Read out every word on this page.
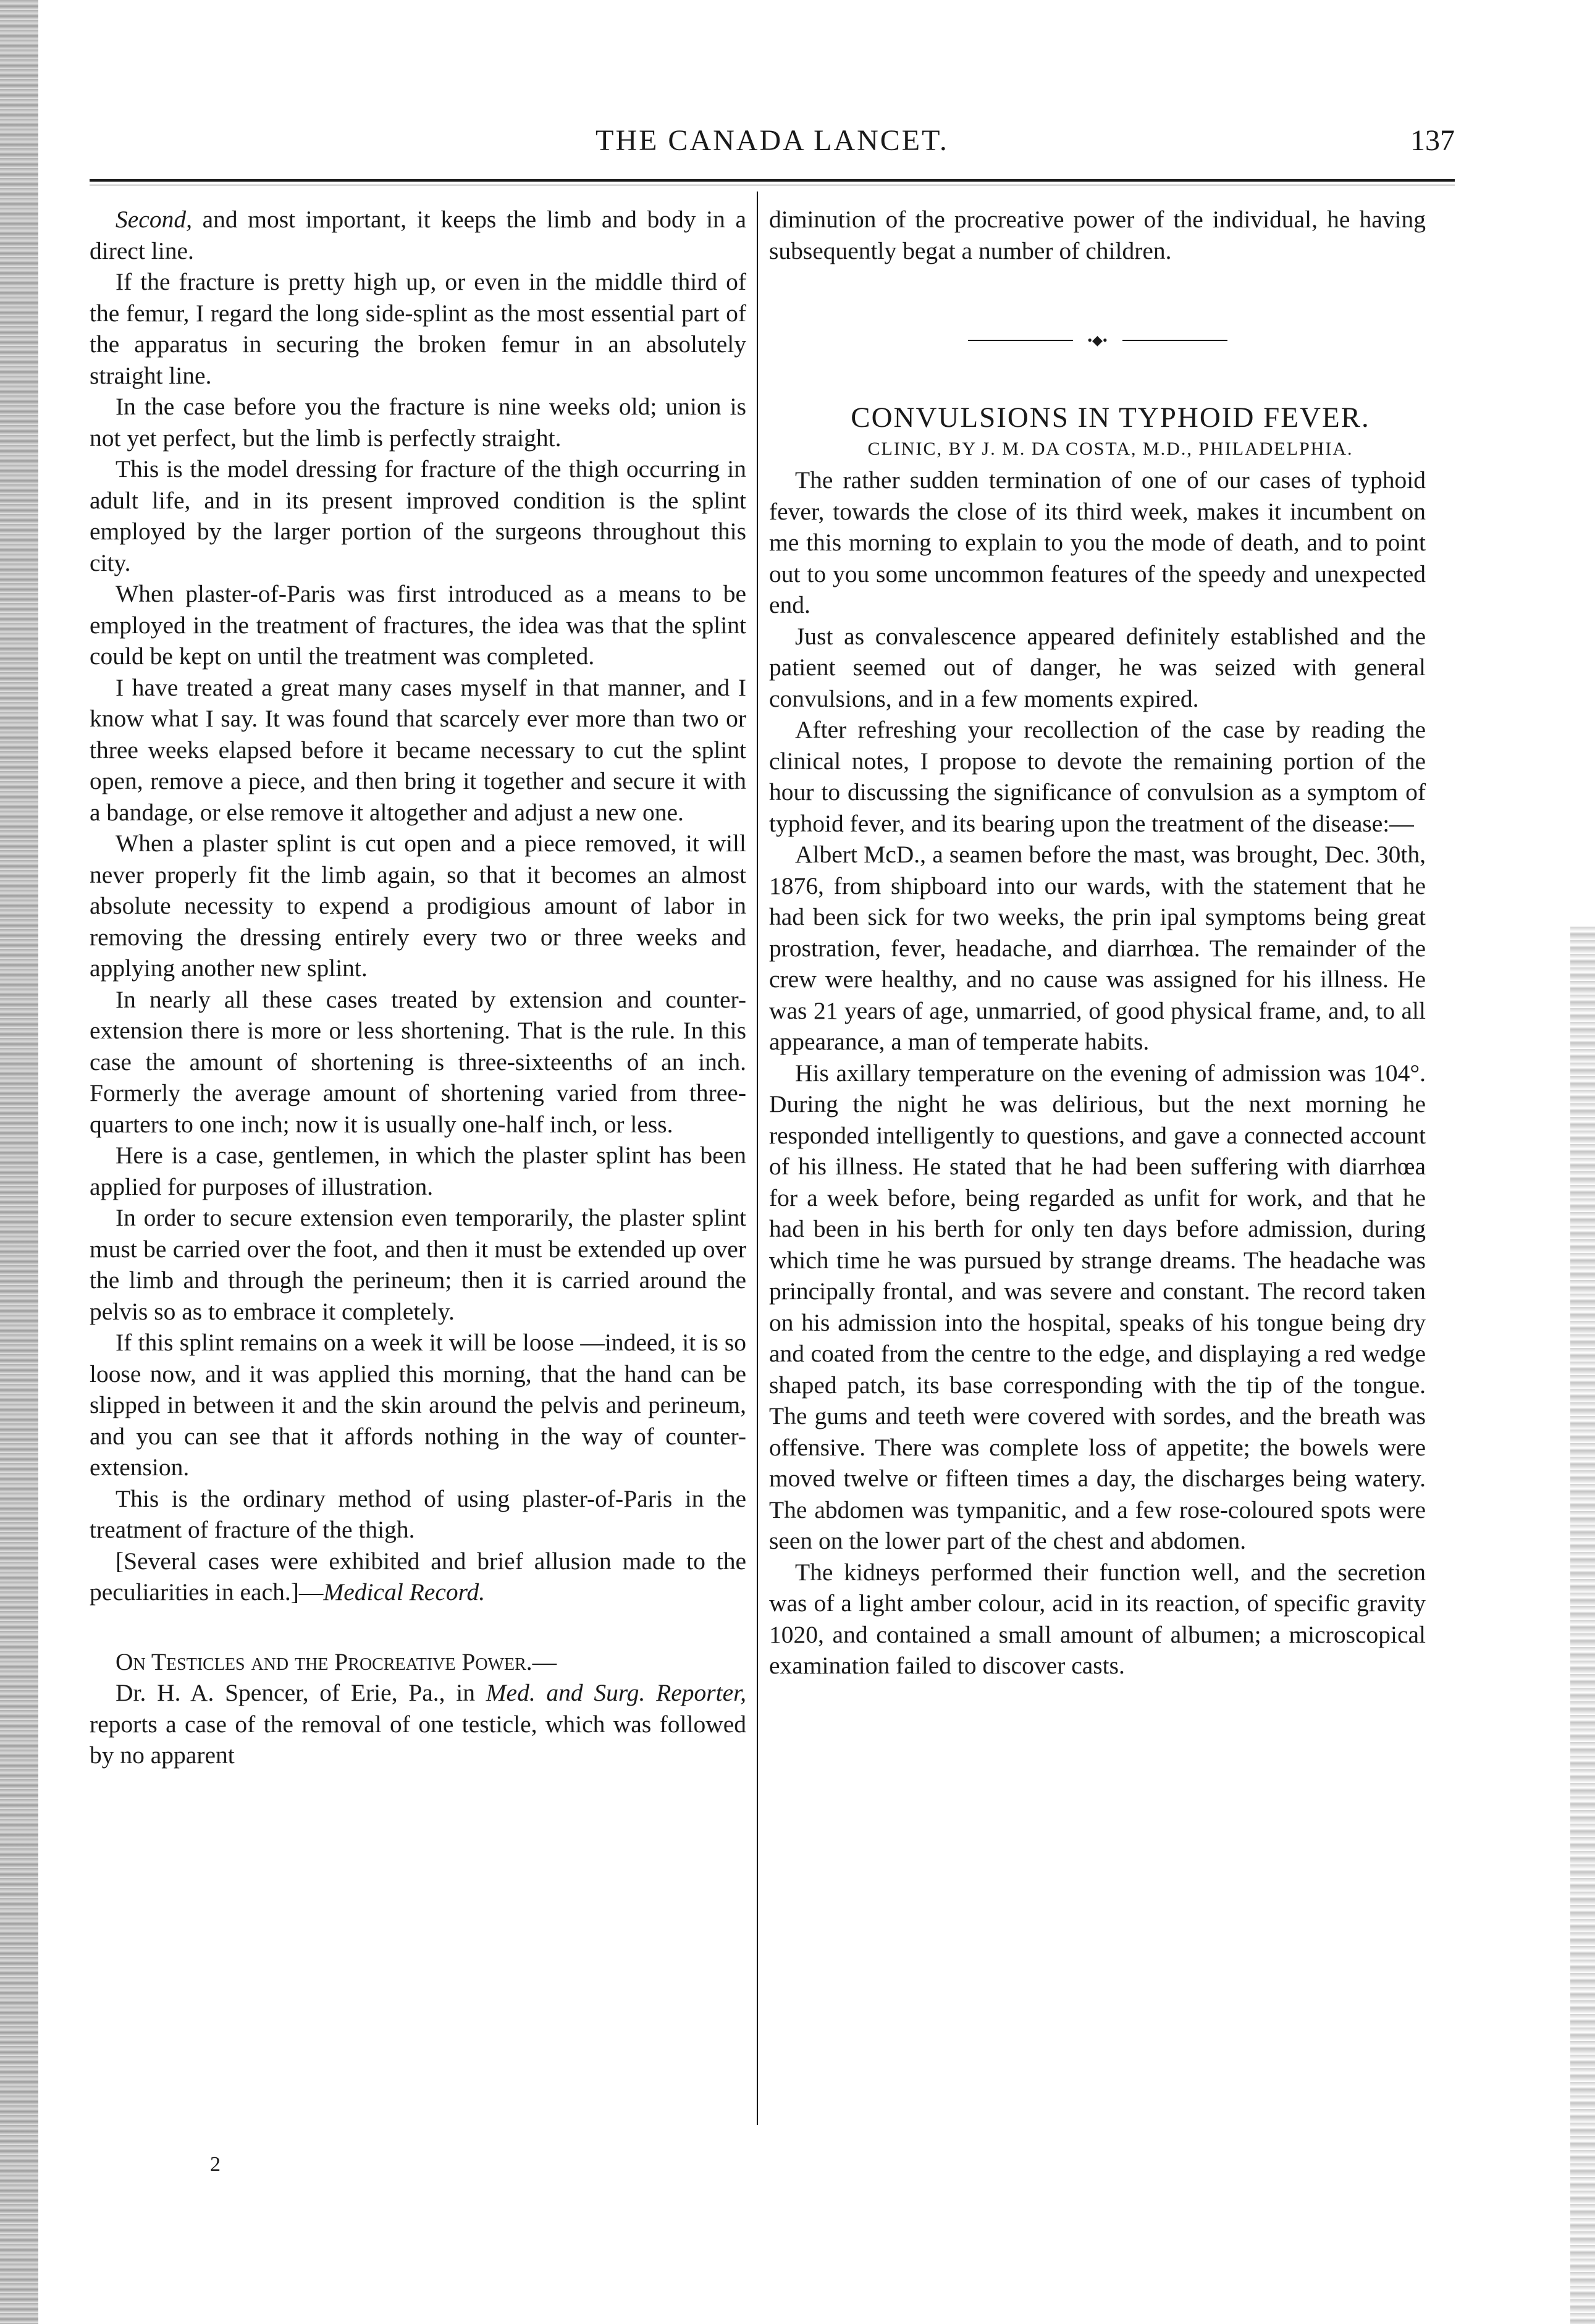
THE CANADA LANCET.	137

Second, and most important, it keeps the limb and body in a direct line.

If the fracture is pretty high up, or even in the middle third of the femur, I regard the long side-splint as the most essential part of the apparatus in securing the broken femur in an absolutely straight line.

In the case before you the fracture is nine weeks old; union is not yet perfect, but the limb is perfectly straight.

This is the model dressing for fracture of the thigh occurring in adult life, and in its present improved condition is the splint employed by the larger portion of the surgeons throughout this city.

When plaster-of-Paris was first introduced as a means to be employed in the treatment of fractures, the idea was that the splint could be kept on until the treatment was completed.

I have treated a great many cases myself in that manner, and I know what I say. It was found that scarcely ever more than two or three weeks elapsed before it became necessary to cut the splint open, remove a piece, and then bring it together and secure it with a bandage, or else remove it altogether and adjust a new one.

When a plaster splint is cut open and a piece removed, it will never properly fit the limb again, so that it becomes an almost absolute necessity to expend a prodigious amount of labor in removing the dressing entirely every two or three weeks and applying another new splint.

In nearly all these cases treated by extension and counter-extension there is more or less shortening. That is the rule. In this case the amount of shortening is three-sixteenths of an inch. Formerly the average amount of shortening varied from three-quarters to one inch; now it is usually one-half inch, or less.

Here is a case, gentlemen, in which the plaster splint has been applied for purposes of illustration.

In order to secure extension even temporarily, the plaster splint must be carried over the foot, and then it must be extended up over the limb and through the perineum; then it is carried around the pelvis so as to embrace it completely.

If this splint remains on a week it will be loose —indeed, it is so loose now, and it was applied this morning, that the hand can be slipped in between it and the skin around the pelvis and perineum, and you can see that it affords nothing in the way of counter-extension.

This is the ordinary method of using plaster-of-Paris in the treatment of fracture of the thigh.

[Several cases were exhibited and brief allusion made to the peculiarities in each.]—Medical Record.

On Testicles and the Procreative Power.—

Dr. H. A. Spencer, of Erie, Pa., in Med. and Surg. Reporter, reports a case of the removal of one testicle, which was followed by no apparent

diminution of the procreative power of the individual, he having subsequently begat a number of children.

•◆•

CONVULSIONS IN TYPHOID FEVER.

CLINIC, BY J. M. DA COSTA, M.D., PHILADELPHIA.

The rather sudden termination of one of our cases of typhoid fever, towards the close of its third week, makes it incumbent on me this morning to explain to you the mode of death, and to point out to you some uncommon features of the speedy and unexpected end.

Just as convalescence appeared definitely established and the patient seemed out of danger, he was seized with general convulsions, and in a few moments expired.

After refreshing your recollection of the case by reading the clinical notes, I propose to devote the remaining portion of the hour to discussing the significance of convulsion as a symptom of typhoid fever, and its bearing upon the treatment of the disease:—

Albert McD., a seamen before the mast, was brought, Dec. 30th, 1876, from shipboard into our wards, with the statement that he had been sick for two weeks, the prin ipal symptoms being great prostration, fever, headache, and diarrhœa. The remainder of the crew were healthy, and no cause was assigned for his illness. He was 21 years of age, unmarried, of good physical frame, and, to all appearance, a man of temperate habits.

His axillary temperature on the evening of admission was 104°. During the night he was delirious, but the next morning he responded intelligently to questions, and gave a connected account of his illness. He stated that he had been suffering with diarrhœa for a week before, being regarded as unfit for work, and that he had been in his berth for only ten days before admission, during which time he was pursued by strange dreams. The headache was principally frontal, and was severe and constant. The record taken on his admission into the hospital, speaks of his tongue being dry and coated from the centre to the edge, and displaying a red wedge shaped patch, its base corresponding with the tip of the tongue. The gums and teeth were covered with sordes, and the breath was offensive. There was complete loss of appetite; the bowels were moved twelve or fifteen times a day, the discharges being watery. The abdomen was tympanitic, and a few rose-coloured spots were seen on the lower part of the chest and abdomen.

The kidneys performed their function well, and the secretion was of a light amber colour, acid in its reaction, of specific gravity 1020, and contained a small amount of albumen; a microscopical examination failed to discover casts.

2
